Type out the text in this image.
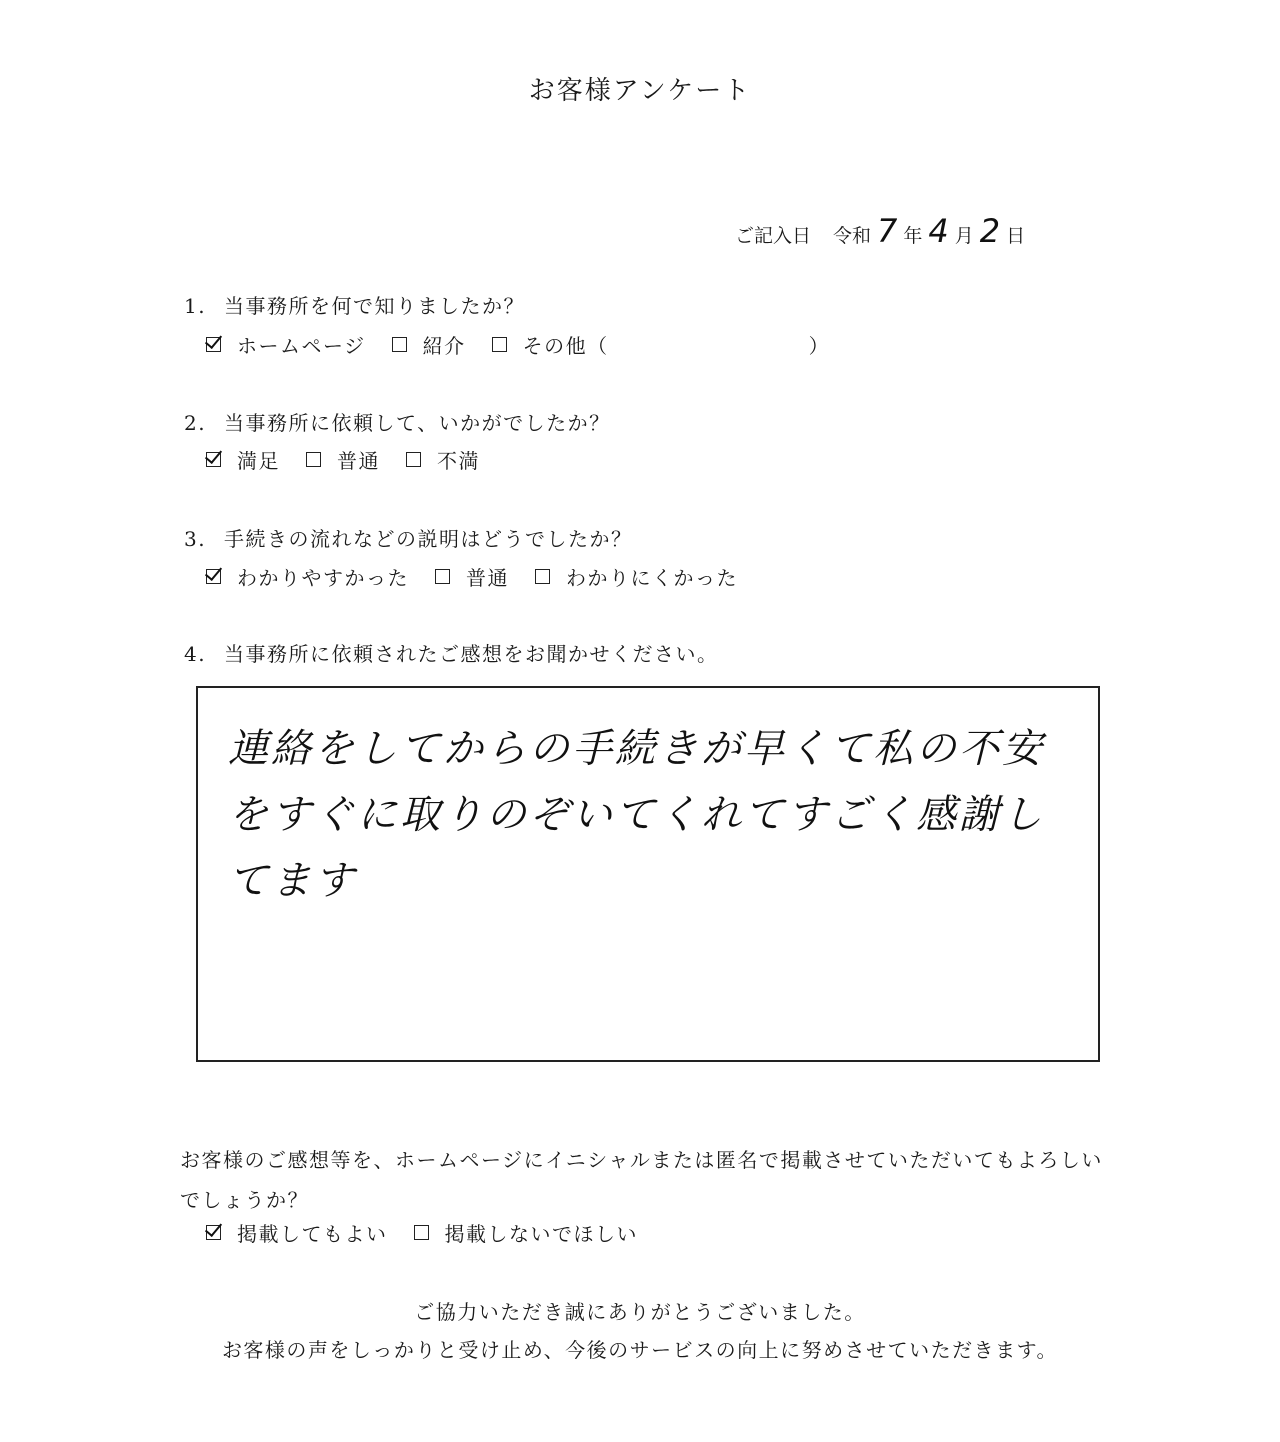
お客様アンケート
ご記入日 令和 7 年 4 月 2 日
1. 当事務所を何で知りましたか？
ホームページ	紹介	その他（	）
2. 当事務所に依頼して、いかがでしたか？
満足	普通	不満
3. 手続きの流れなどの説明はどうでしたか？
わかりやすかった	普通	わかりにくかった
4. 当事務所に依頼されたご感想をお聞かせください。
連絡をしてからの手続きが早くて私の不安をすぐに取りのぞいてくれてすごく感謝してます
お客様のご感想等を、ホームページにイニシャルまたは匿名で掲載させていただいてもよろしいでしょうか？
掲載してもよい	掲載しないでほしい
ご協力いただき誠にありがとうございました。
お客様の声をしっかりと受け止め、今後のサービスの向上に努めさせていただきます。
